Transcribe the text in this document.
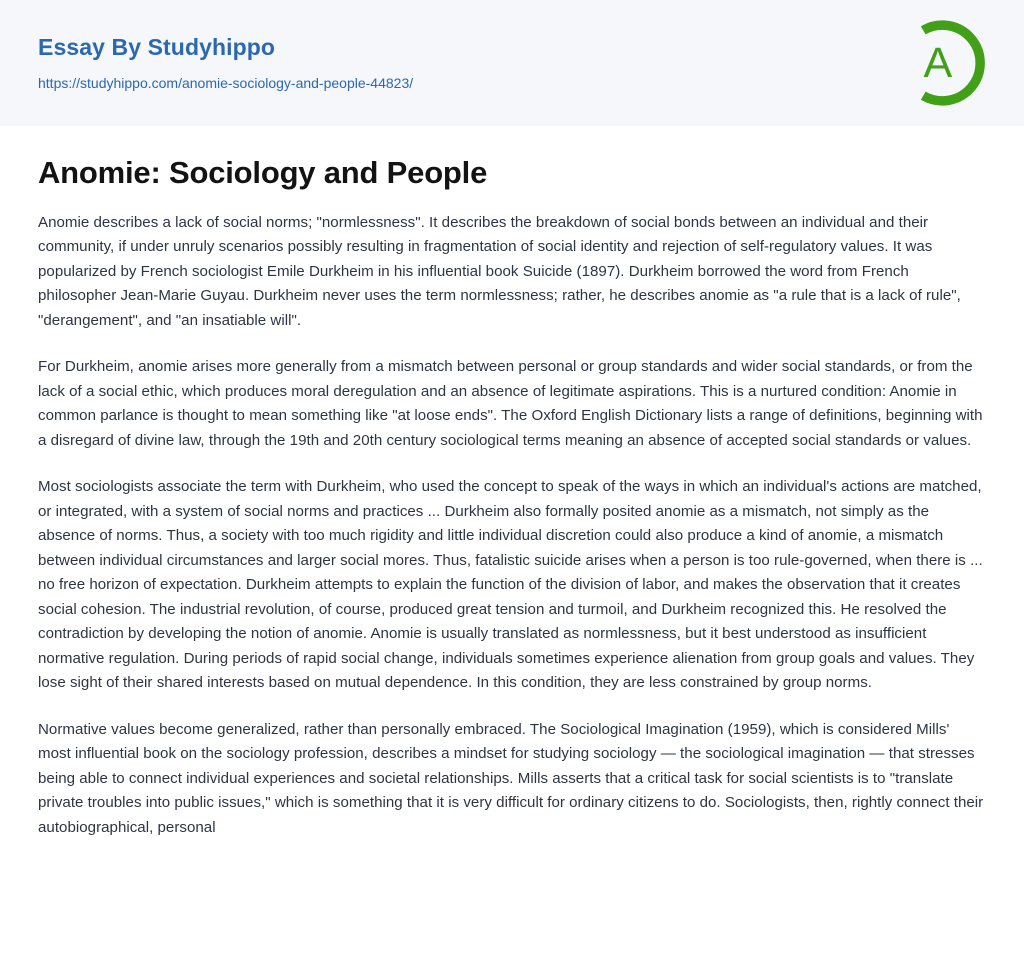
Essay By Studyhippo
https://studyhippo.com/anomie-sociology-and-people-44823/	A
Anomie: Sociology and People

Anomie describes a lack of social norms; "normlessness". It describes the breakdown of social bonds between an individual and their community, if under unruly scenarios possibly resulting in fragmentation of social identity and rejection of self-regulatory values. It was popularized by French sociologist Emile Durkheim in his influential book Suicide (1897). Durkheim borrowed the word from French philosopher Jean-Marie Guyau. Durkheim never uses the term normlessness; rather, he describes anomie as "a rule that is a lack of rule", "derangement", and "an insatiable will".

For Durkheim, anomie arises more generally from a mismatch between personal or group standards and wider social standards, or from the lack of a social ethic, which produces moral deregulation and an absence of legitimate aspirations. This is a nurtured condition: Anomie in common parlance is thought to mean something like "at loose ends". The Oxford English Dictionary lists a range of definitions, beginning with a disregard of divine law, through the 19th and 20th century sociological terms meaning an absence of accepted social standards or values.

Most sociologists associate the term with Durkheim, who used the concept to speak of the ways in which an individual's actions are matched, or integrated, with a system of social norms and practices ... Durkheim also formally posited anomie as a mismatch, not simply as the absence of norms. Thus, a society with too much rigidity and little individual discretion could also produce a kind of anomie, a mismatch between individual circumstances and larger social mores. Thus, fatalistic suicide arises when a person is too rule-governed, when there is ... no free horizon of expectation. Durkheim attempts to explain the function of the division of labor, and makes the observation that it creates social cohesion. The industrial revolution, of course, produced great tension and turmoil, and Durkheim recognized this. He resolved the contradiction by developing the notion of anomie. Anomie is usually translated as normlessness, but it best understood as insufficient normative regulation. During periods of rapid social change, individuals sometimes experience alienation from group goals and values. They lose sight of their shared interests based on mutual dependence. In this condition, they are less constrained by group norms.

Normative values become generalized, rather than personally embraced. The Sociological Imagination (1959), which is considered Mills' most influential book on the sociology profession, describes a mindset for studying sociology — the sociological imagination — that stresses being able to connect individual experiences and societal relationships. Mills asserts that a critical task for social scientists is to "translate private troubles into public issues," which is something that it is very difficult for ordinary citizens to do. Sociologists, then, rightly connect their autobiographical, personal
